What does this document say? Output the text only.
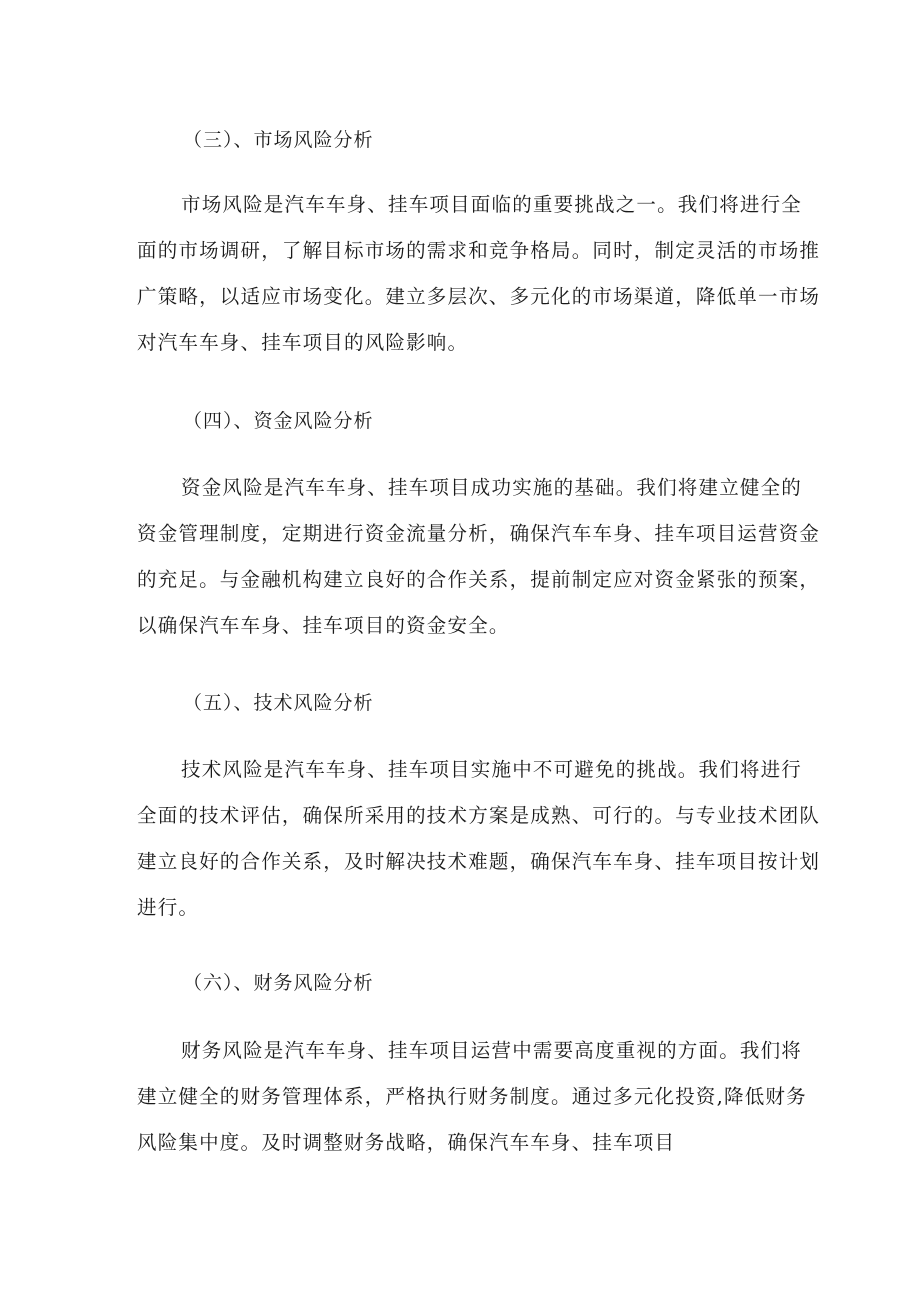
（三）、市场风险分析
市场风险是汽车车身、挂车项目面临的重要挑战之一。我们将进行全
面的市场调研，了解目标市场的需求和竞争格局。同时，制定灵活的市场推
广策略，以适应市场变化。建立多层次、多元化的市场渠道，降低单一市场
对汽车车身、挂车项目的风险影响。
（四）、资金风险分析
资金风险是汽车车身、挂车项目成功实施的基础。我们将建立健全的
资金管理制度，定期进行资金流量分析，确保汽车车身、挂车项目运营资金
的充足。与金融机构建立良好的合作关系，提前制定应对资金紧张的预案，
以确保汽车车身、挂车项目的资金安全。
（五）、技术风险分析
技术风险是汽车车身、挂车项目实施中不可避免的挑战。我们将进行
全面的技术评估，确保所采用的技术方案是成熟、可行的。与专业技术团队
建立良好的合作关系，及时解决技术难题，确保汽车车身、挂车项目按计划
进行。
（六）、财务风险分析
财务风险是汽车车身、挂车项目运营中需要高度重视的方面。我们将
建立健全的财务管理体系，严格执行财务制度。通过多元化投资,降低财务
风险集中度。及时调整财务战略，确保汽车车身、挂车项目
